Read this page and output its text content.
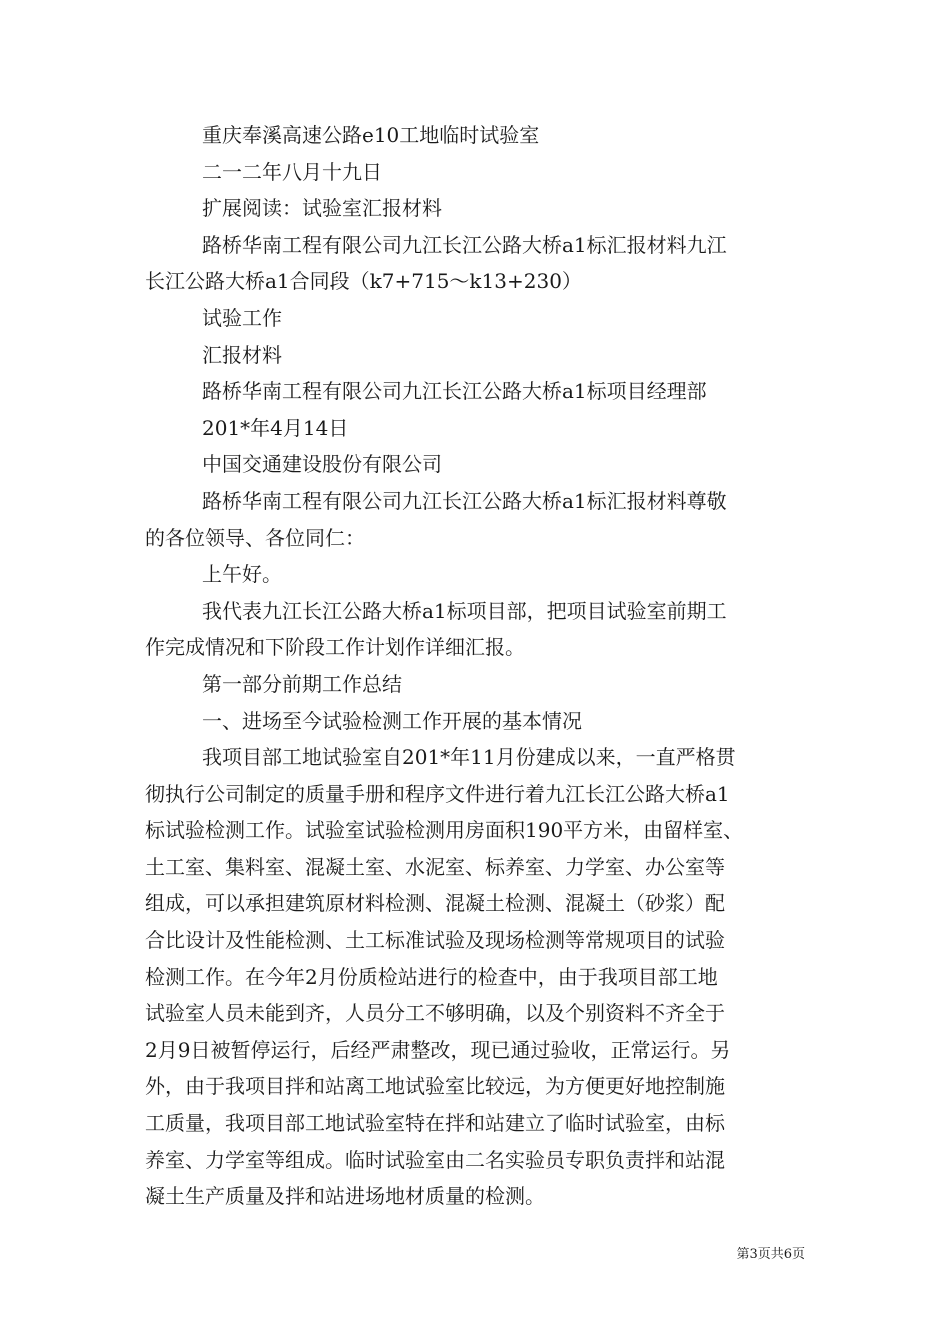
重庆奉溪高速公路e10工地临时试验室
二一二年八月十九日
扩展阅读：试验室汇报材料
路桥华南工程有限公司九江长江公路大桥a1标汇报材料九江
长江公路大桥a1合同段（k7+715～k13+230）
试验工作
汇报材料
路桥华南工程有限公司九江长江公路大桥a1标项目经理部
201*年4月14日
中国交通建设股份有限公司
路桥华南工程有限公司九江长江公路大桥a1标汇报材料尊敬
的各位领导、各位同仁：
上午好。
我代表九江长江公路大桥a1标项目部，把项目试验室前期工
作完成情况和下阶段工作计划作详细汇报。
第一部分前期工作总结
一、进场至今试验检测工作开展的基本情况
我项目部工地试验室自201*年11月份建成以来，一直严格贯
彻执行公司制定的质量手册和程序文件进行着九江长江公路大桥a1
标试验检测工作。试验室试验检测用房面积190平方米，由留样室、
土工室、集料室、混凝土室、水泥室、标养室、力学室、办公室等
组成，可以承担建筑原材料检测、混凝土检测、混凝土（砂浆）配
合比设计及性能检测、土工标准试验及现场检测等常规项目的试验
检测工作。在今年2月份质检站进行的检查中，由于我项目部工地
试验室人员未能到齐，人员分工不够明确，以及个别资料不齐全于
2月9日被暂停运行，后经严肃整改，现已通过验收，正常运行。另
外，由于我项目拌和站离工地试验室比较远，为方便更好地控制施
工质量，我项目部工地试验室特在拌和站建立了临时试验室，由标
养室、力学室等组成。临时试验室由二名实验员专职负责拌和站混
凝土生产质量及拌和站进场地材质量的检测。
第3页共6页
